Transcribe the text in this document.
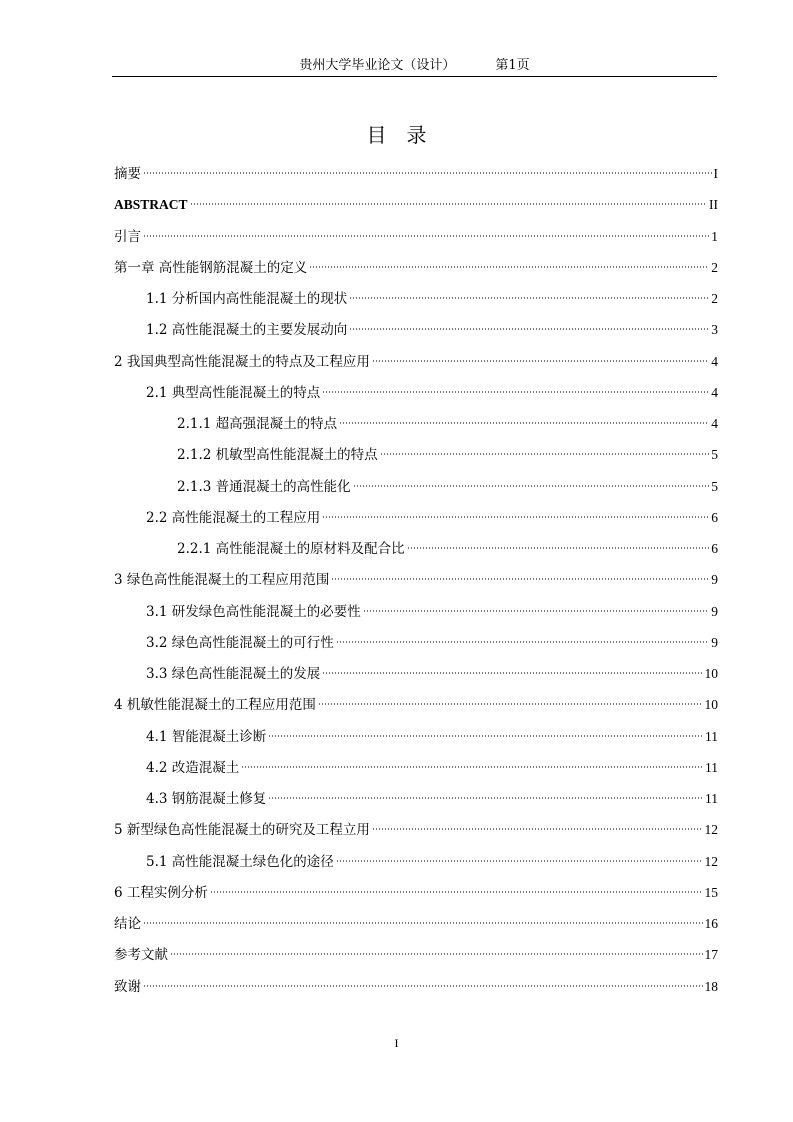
贵州大学毕业论文（设计）	第1页
目录
摘要	I
ABSTRACT	II
引言	1
第一章 高性能钢筋混凝土的定义	2
1.1 分析国内高性能混凝土的现状	2
1.2 高性能混凝土的主要发展动向	3
2 我国典型高性能混凝土的特点及工程应用	4
2.1 典型高性能混凝土的特点	4
2.1.1 超高强混凝土的特点	4
2.1.2 机敏型高性能混凝土的特点	5
2.1.3 普通混凝土的高性能化	5
2.2 高性能混凝土的工程应用	6
2.2.1 高性能混凝土的原材料及配合比	6
3 绿色高性能混凝土的工程应用范围	9
3.1 研发绿色高性能混凝土的必要性	9
3.2 绿色高性能混凝土的可行性	9
3.3 绿色高性能混凝土的发展	10
4 机敏性能混凝土的工程应用范围	10
4.1 智能混凝土诊断	11
4.2 改造混凝土	11
4.3 钢筋混凝土修复	11
5 新型绿色高性能混凝土的研究及工程立用	12
5.1 高性能混凝土绿色化的途径	12
6 工程实例分析	15
结论	16
参考文献	17
致谢	18
I
